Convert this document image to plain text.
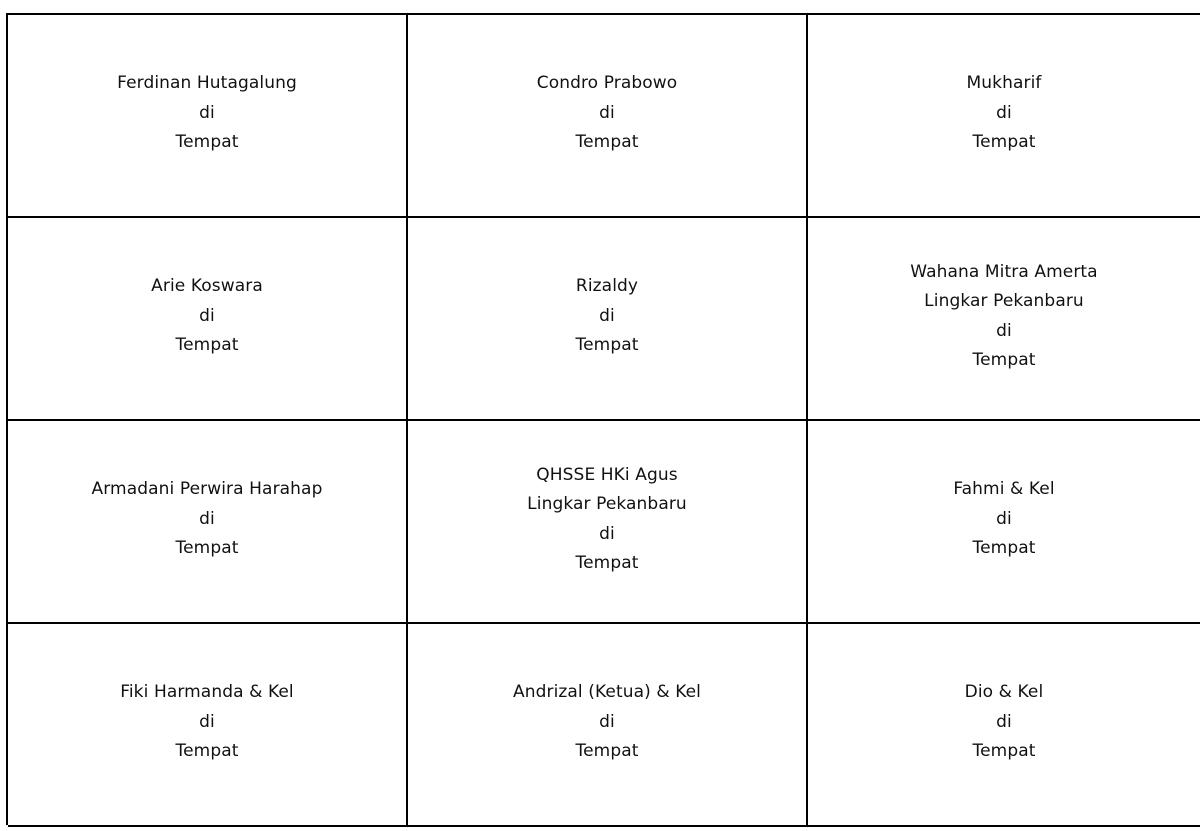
Ferdinan Hutagalung
di
Tempat
Condro Prabowo
di
Tempat
Mukharif
di
Tempat
Arie Koswara
di
Tempat
Rizaldy
di
Tempat
Wahana Mitra Amerta
Lingkar Pekanbaru
di
Tempat
Armadani Perwira Harahap
di
Tempat
QHSSE HKi Agus
Lingkar Pekanbaru
di
Tempat
Fahmi & Kel
di
Tempat
Fiki Harmanda & Kel
di
Tempat
Andrizal (Ketua) & Kel
di
Tempat
Dio & Kel
di
Tempat
